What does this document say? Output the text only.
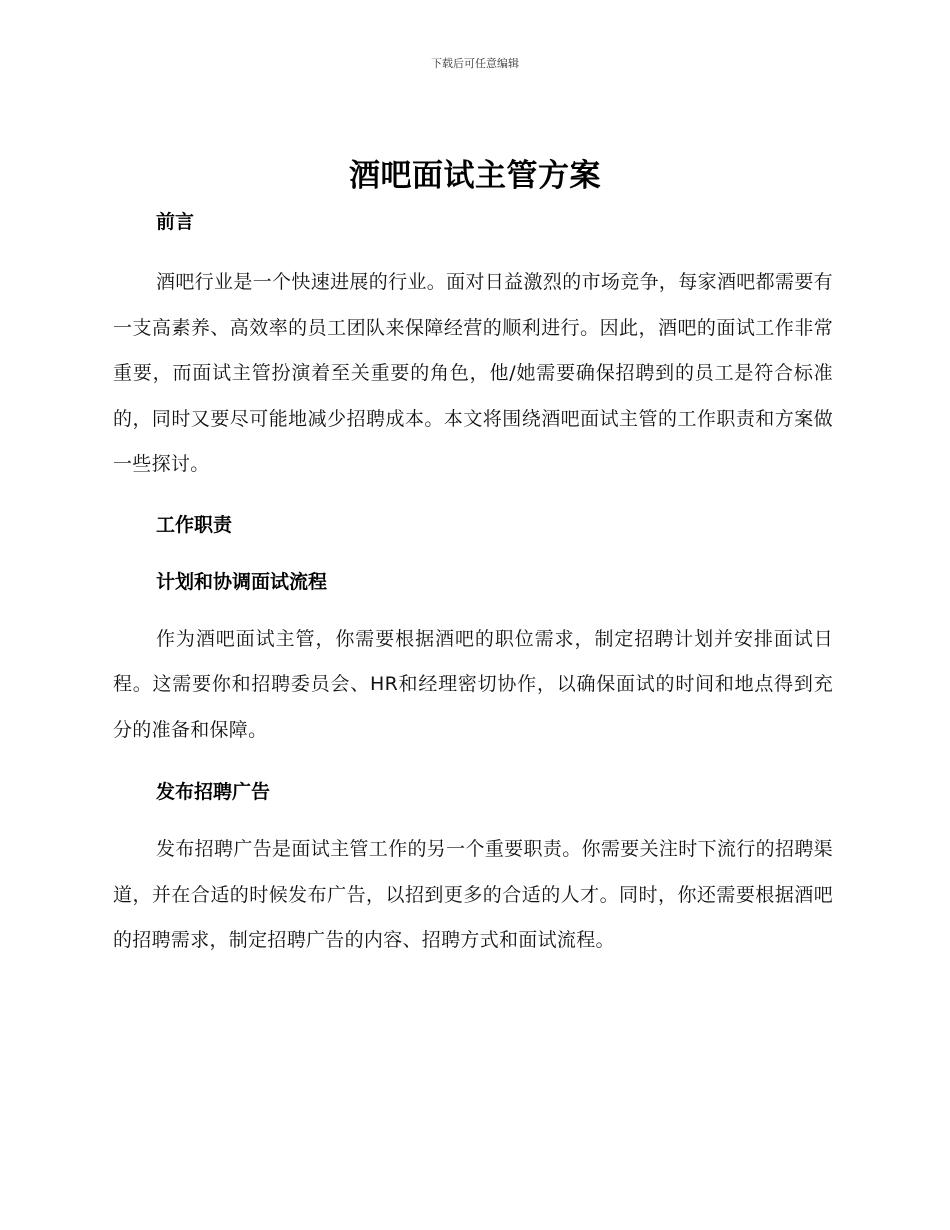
下载后可任意编辑
酒吧面试主管方案
前言

酒吧行业是一个快速进展的行业。面对日益激烈的市场竞争，每家酒吧都需要有一支高素养、高效率的员工团队来保障经营的顺利进行。因此，酒吧的面试工作非常重要，而面试主管扮演着至关重要的角色，他/她需要确保招聘到的员工是符合标准的，同时又要尽可能地减少招聘成本。本文将围绕酒吧面试主管的工作职责和方案做一些探讨。

工作职责
计划和协调面试流程

作为酒吧面试主管，你需要根据酒吧的职位需求，制定招聘计划并安排面试日程。这需要你和招聘委员会、HR和经理密切协作，以确保面试的时间和地点得到充分的准备和保障。

发布招聘广告

发布招聘广告是面试主管工作的另一个重要职责。你需要关注时下流行的招聘渠道，并在合适的时候发布广告，以招到更多的合适的人才。同时，你还需要根据酒吧的招聘需求，制定招聘广告的内容、招聘方式和面试流程。
